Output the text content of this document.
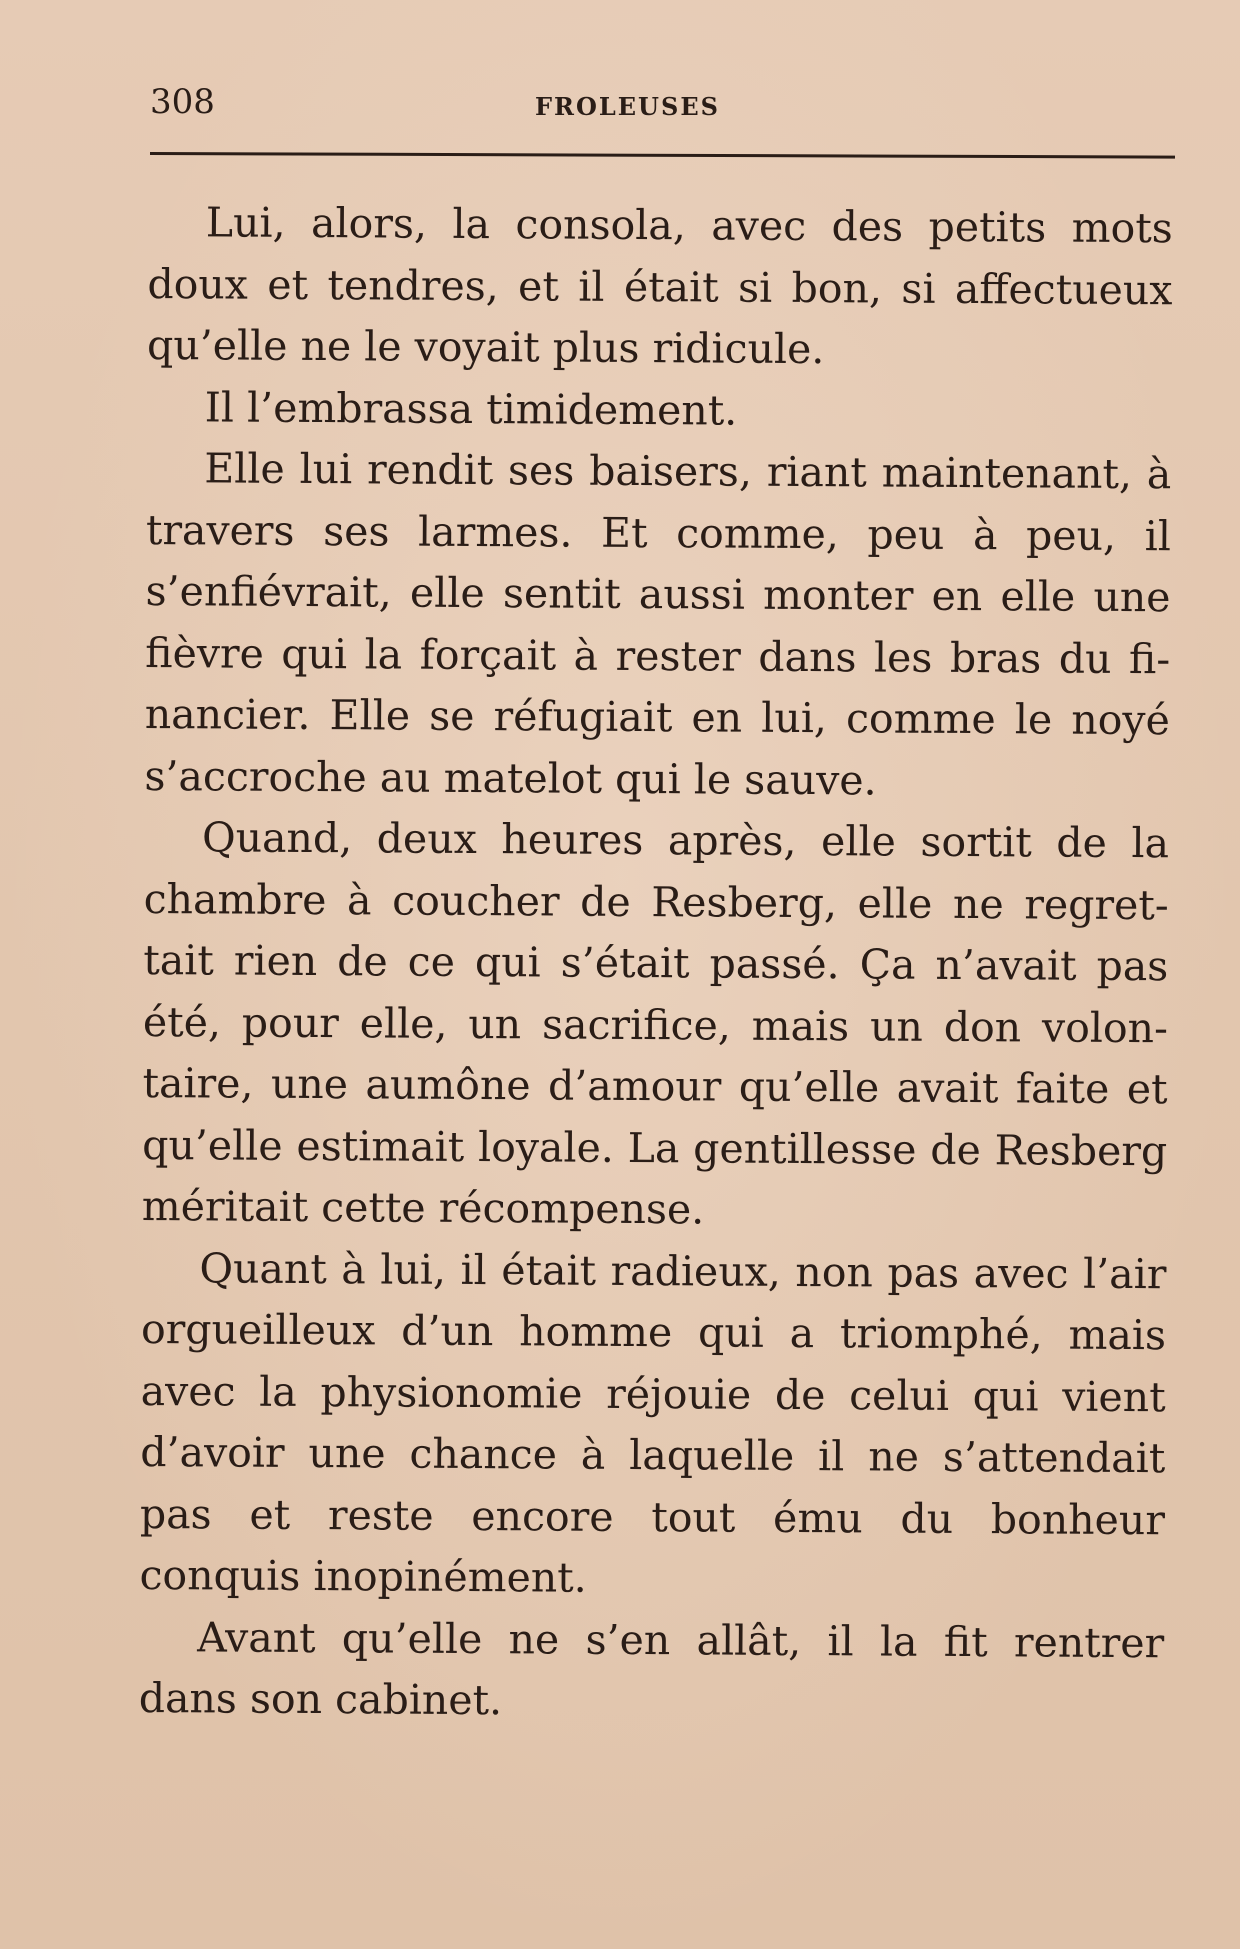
308	FROLEUSES

Lui, alors, la consola, avec des petits mots doux et tendres, et il était si bon, si affectueux qu’elle ne le voyait plus ridicule.

Il l’embrassa timidement.

Elle lui rendit ses baisers, riant maintenant, à travers ses larmes. Et comme, peu à peu, il s’enfiévrait, elle sentit aussi monter en elle une fièvre qui la forçait à rester dans les bras du financier. Elle se réfugiait en lui, comme le noyé s’accroche au matelot qui le sauve.

Quand, deux heures après, elle sortit de la chambre à coucher de Resberg, elle ne regrettait rien de ce qui s’était passé. Ça n’avait pas été, pour elle, un sacrifice, mais un don volontaire, une aumône d’amour qu’elle avait faite et qu’elle estimait loyale. La gentillesse de Resberg méritait cette récompense.

Quant à lui, il était radieux, non pas avec l’air orgueilleux d’un homme qui a triomphé, mais avec la physionomie réjouie de celui qui vient d’avoir une chance à laquelle il ne s’attendait pas et reste encore tout ému du bonheur conquis inopinément.

Avant qu’elle ne s’en allât, il la fit rentrer dans son cabinet.
